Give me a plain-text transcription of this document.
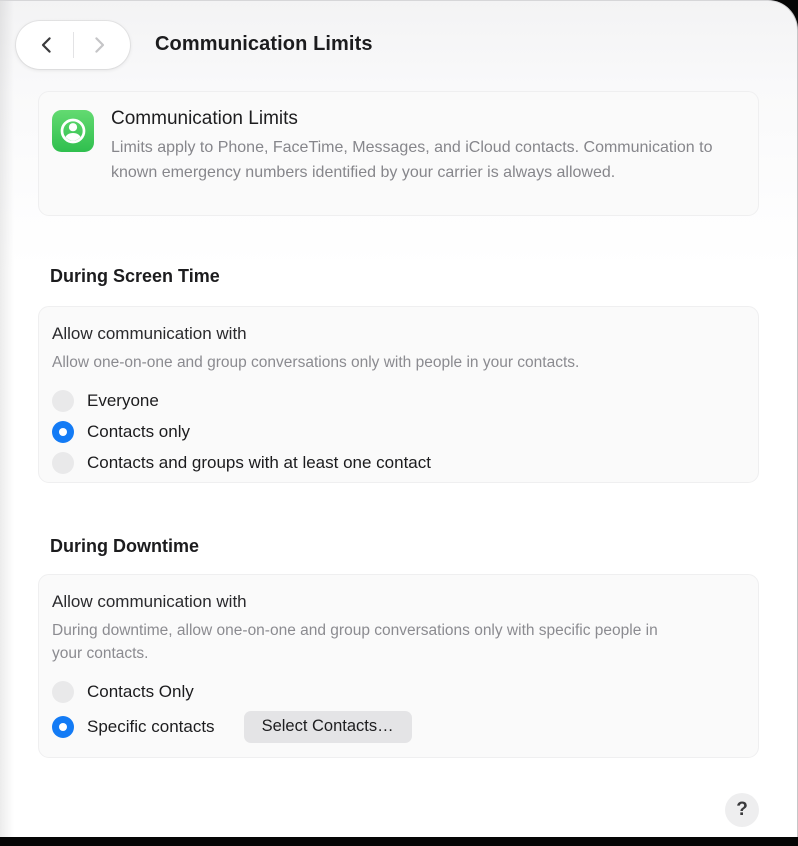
Communication Limits
Communication Limits
Limits apply to Phone, FaceTime, Messages, and iCloud contacts. Communication to known emergency numbers identified by your carrier is always allowed.
During Screen Time
Allow communication with
Allow one-on-one and group conversations only with people in your contacts.
Everyone
Contacts only
Contacts and groups with at least one contact
During Downtime
Allow communication with
During downtime, allow one-on-one and group conversations only with specific people in your contacts.
Contacts Only
Specific contacts	Select Contacts…
?
